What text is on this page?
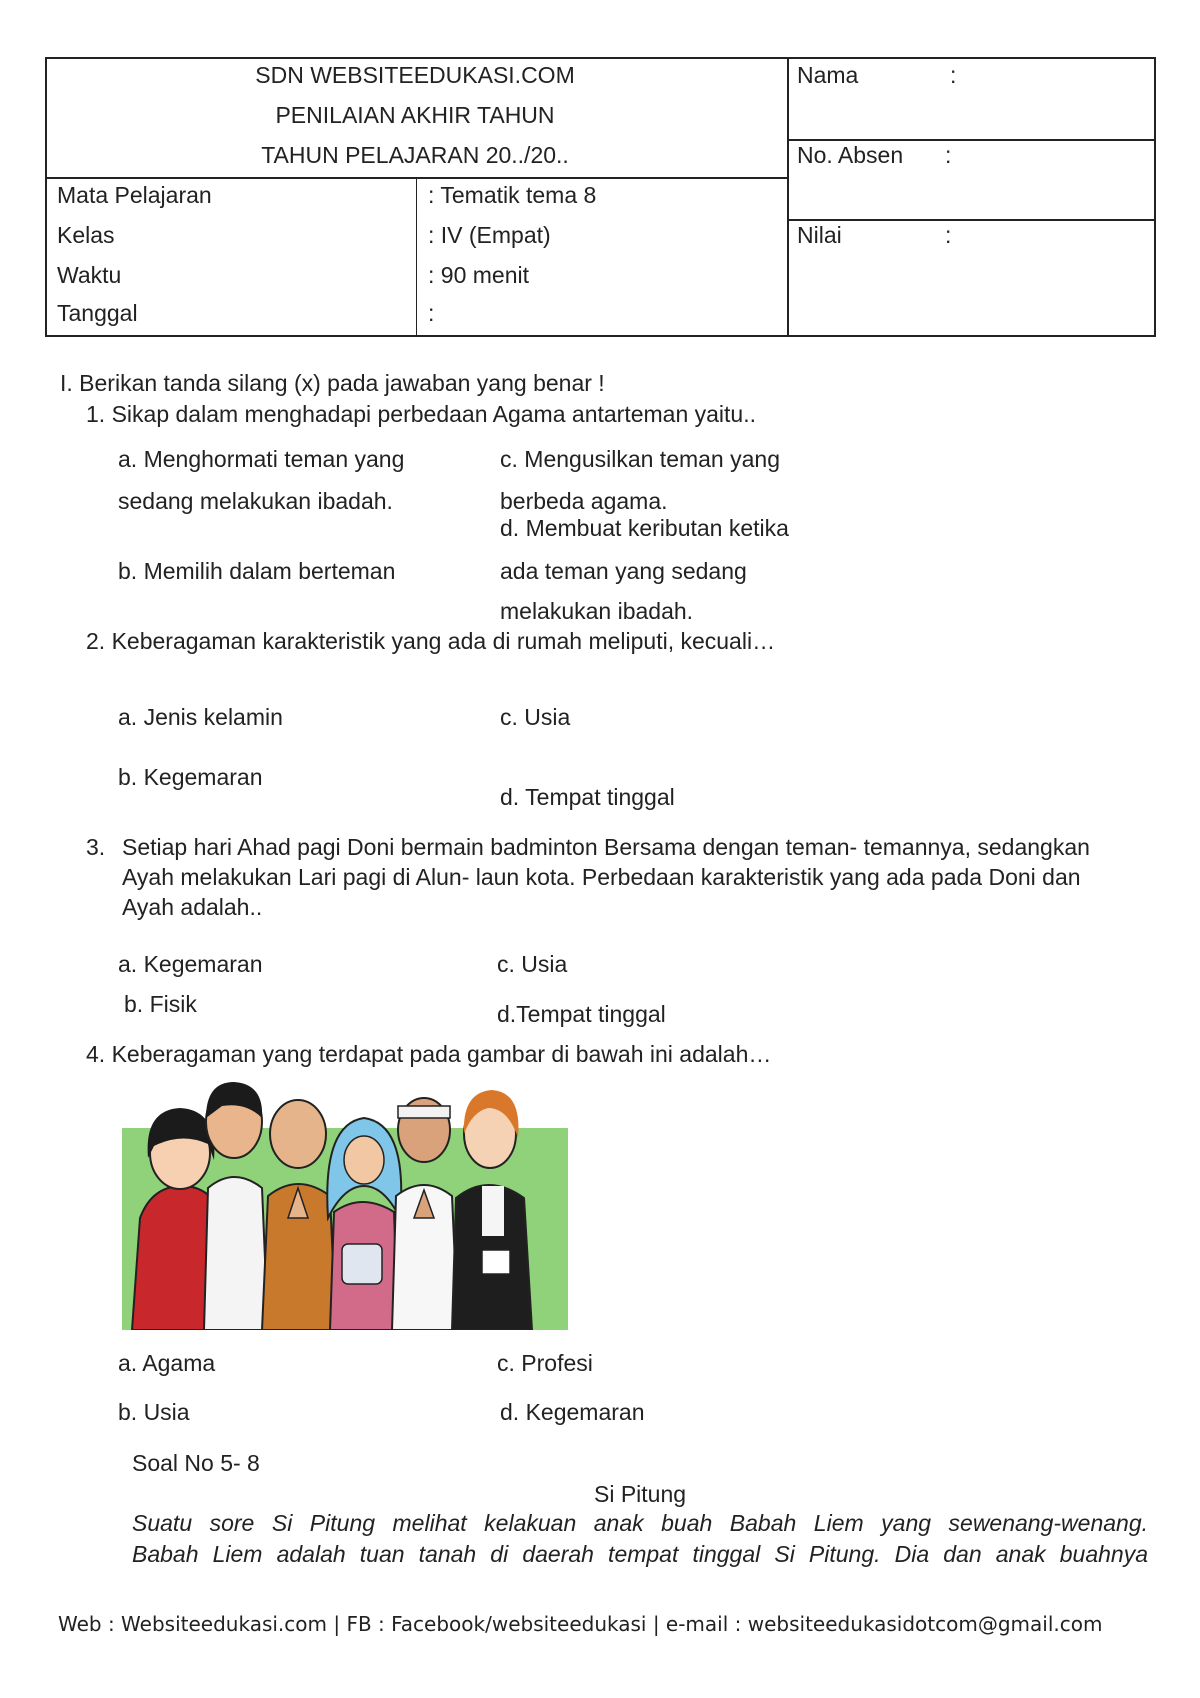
SDN WEBSITEEDUKASI.COM
PENILAIAN AKHIR TAHUN
TAHUN PELAJARAN 20../20..
Mata Pelajaran	: Tematik tema 8
Kelas	: IV (Empat)
Waktu	: 90 menit
Tanggal	:
Nama	:
No. Absen :
Nilai	:
I. Berikan tanda silang (x) pada jawaban yang benar !
1. Sikap dalam menghadapi perbedaan Agama antarteman yaitu..
a. Menghormati teman yang
sedang melakukan ibadah.
b. Memilih dalam berteman
c. Mengusilkan teman yang
berbeda agama.
d. Membuat keributan ketika
ada teman yang sedang
melakukan ibadah.
2. Keberagaman karakteristik yang ada di rumah meliputi, kecuali…
a. Jenis kelamin
b. Kegemaran
c. Usia
d. Tempat tinggal
3. Setiap hari Ahad pagi Doni bermain badminton Bersama dengan teman- temannya, sedangkan
Ayah melakukan Lari pagi di Alun- laun kota. Perbedaan karakteristik yang ada pada Doni dan
Ayah adalah..
a. Kegemaran
b. Fisik
c. Usia
d.Tempat tinggal
4. Keberagaman yang terdapat pada gambar di bawah ini adalah…
a. Agama
b. Usia
c. Profesi
d. Kegemaran
Soal No 5- 8
Si Pitung
Suatu sore Si Pitung melihat kelakuan anak buah Babah Liem yang sewenang-wenang.
Babah Liem adalah tuan tanah di daerah tempat tinggal Si Pitung. Dia dan anak buahnya
Web : Websiteedukasi.com | FB : Facebook/websiteedukasi | e-mail : websiteedukasidotcom@gmail.com
